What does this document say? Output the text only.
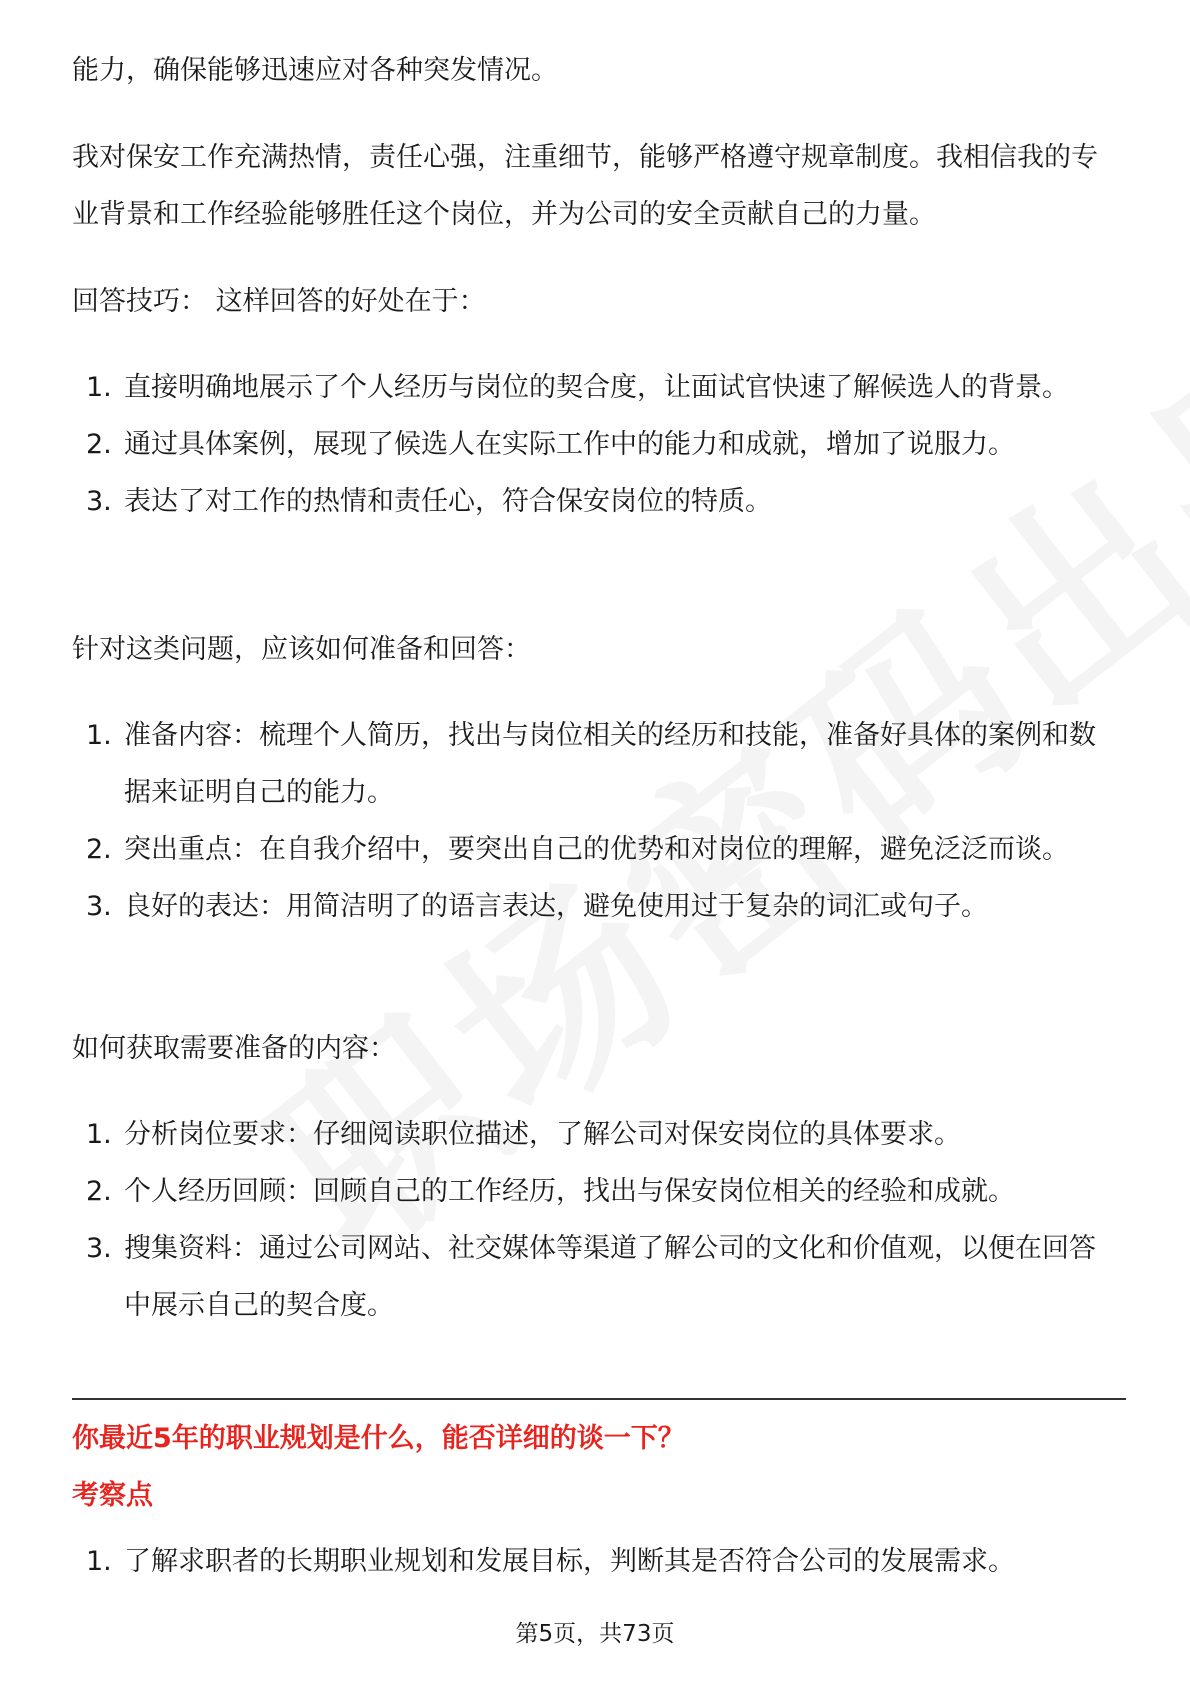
能力，确保能够迅速应对各种突发情况。

我对保安工作充满热情，责任心强，注重细节，能够严格遵守规章制度。我相信我的专业背景和工作经验能够胜任这个岗位，并为公司的安全贡献自己的力量。

回答技巧： 这样回答的好处在于：

1. 直接明确地展示了个人经历与岗位的契合度，让面试官快速了解候选人的背景。
2. 通过具体案例，展现了候选人在实际工作中的能力和成就，增加了说服力。
3. 表达了对工作的热情和责任心，符合保安岗位的特质。

针对这类问题，应该如何准备和回答：

1. 准备内容：梳理个人简历，找出与岗位相关的经历和技能，准备好具体的案例和数据来证明自己的能力。
2. 突出重点：在自我介绍中，要突出自己的优势和对岗位的理解，避免泛泛而谈。
3. 良好的表达：用简洁明了的语言表达，避免使用过于复杂的词汇或句子。

如何获取需要准备的内容：

1. 分析岗位要求：仔细阅读职位描述，了解公司对保安岗位的具体要求。
2. 个人经历回顾：回顾自己的工作经历，找出与保安岗位相关的经验和成就。
3. 搜集资料：通过公司网站、社交媒体等渠道了解公司的文化和价值观，以便在回答中展示自己的契合度。
1. 了解求职者的长期职业规划和发展目标，判断其是否符合公司的发展需求。

你最近5年的职业规划是什么，能否详细的谈一下？

考察点

第5页，共73页
